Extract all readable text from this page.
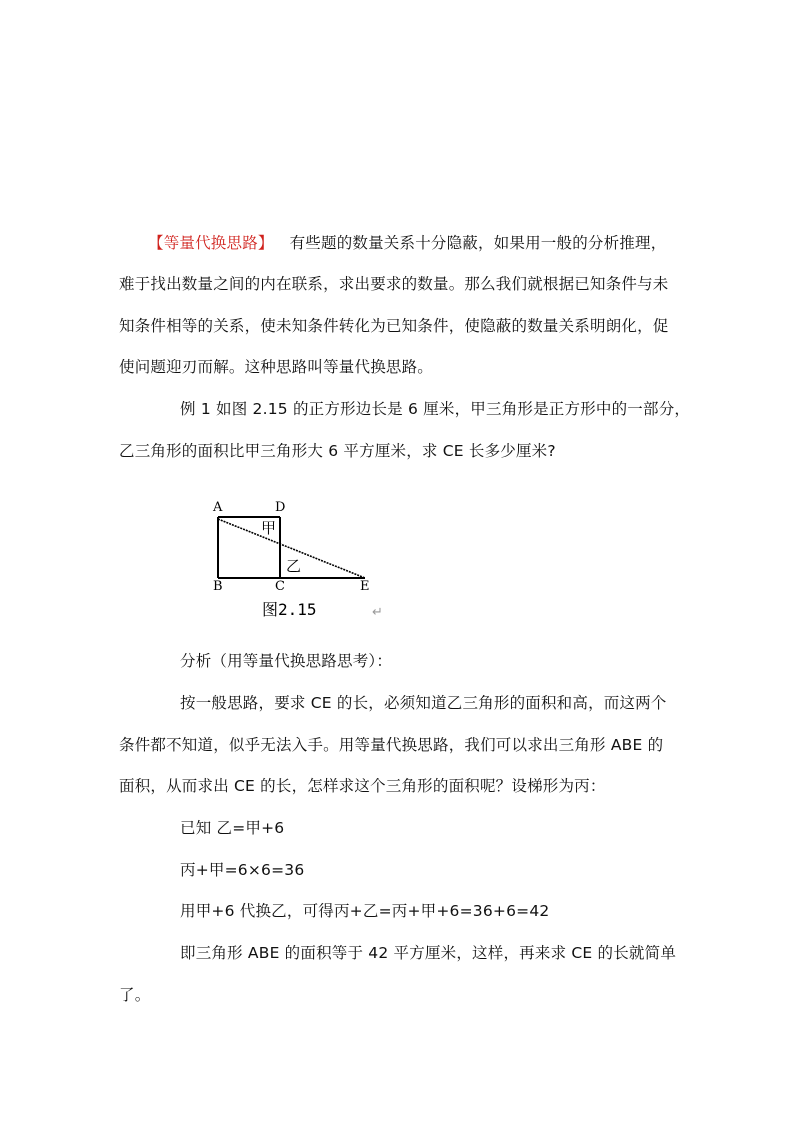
【等量代换思路】 有些题的数量关系十分隐蔽，如果用一般的分析推理，
难于找出数量之间的内在联系，求出要求的数量。那么我们就根据已知条件与未
知条件相等的关系，使未知条件转化为已知条件，使隐蔽的数量关系明朗化，促
使问题迎刃而解。这种思路叫等量代换思路。
例 1 如图 2.15 的正方形边长是 6 厘米，甲三角形是正方形中的一部分，
乙三角形的面积比甲三角形大 6 平方厘米，求 CE 长多少厘米?
A	D
B	C	E
甲
乙
图2.15	↵
分析（用等量代换思路思考）：
按一般思路，要求 CE 的长，必须知道乙三角形的面积和高，而这两个
条件都不知道，似乎无法入手。用等量代换思路，我们可以求出三角形 ABE 的
面积，从而求出 CE 的长，怎样求这个三角形的面积呢？设梯形为丙：
已知 乙=甲+6
丙+甲=6×6=36
用甲+6 代换乙，可得丙+乙=丙+甲+6=36+6=42
即三角形 ABE 的面积等于 42 平方厘米，这样，再来求 CE 的长就简单
了。
